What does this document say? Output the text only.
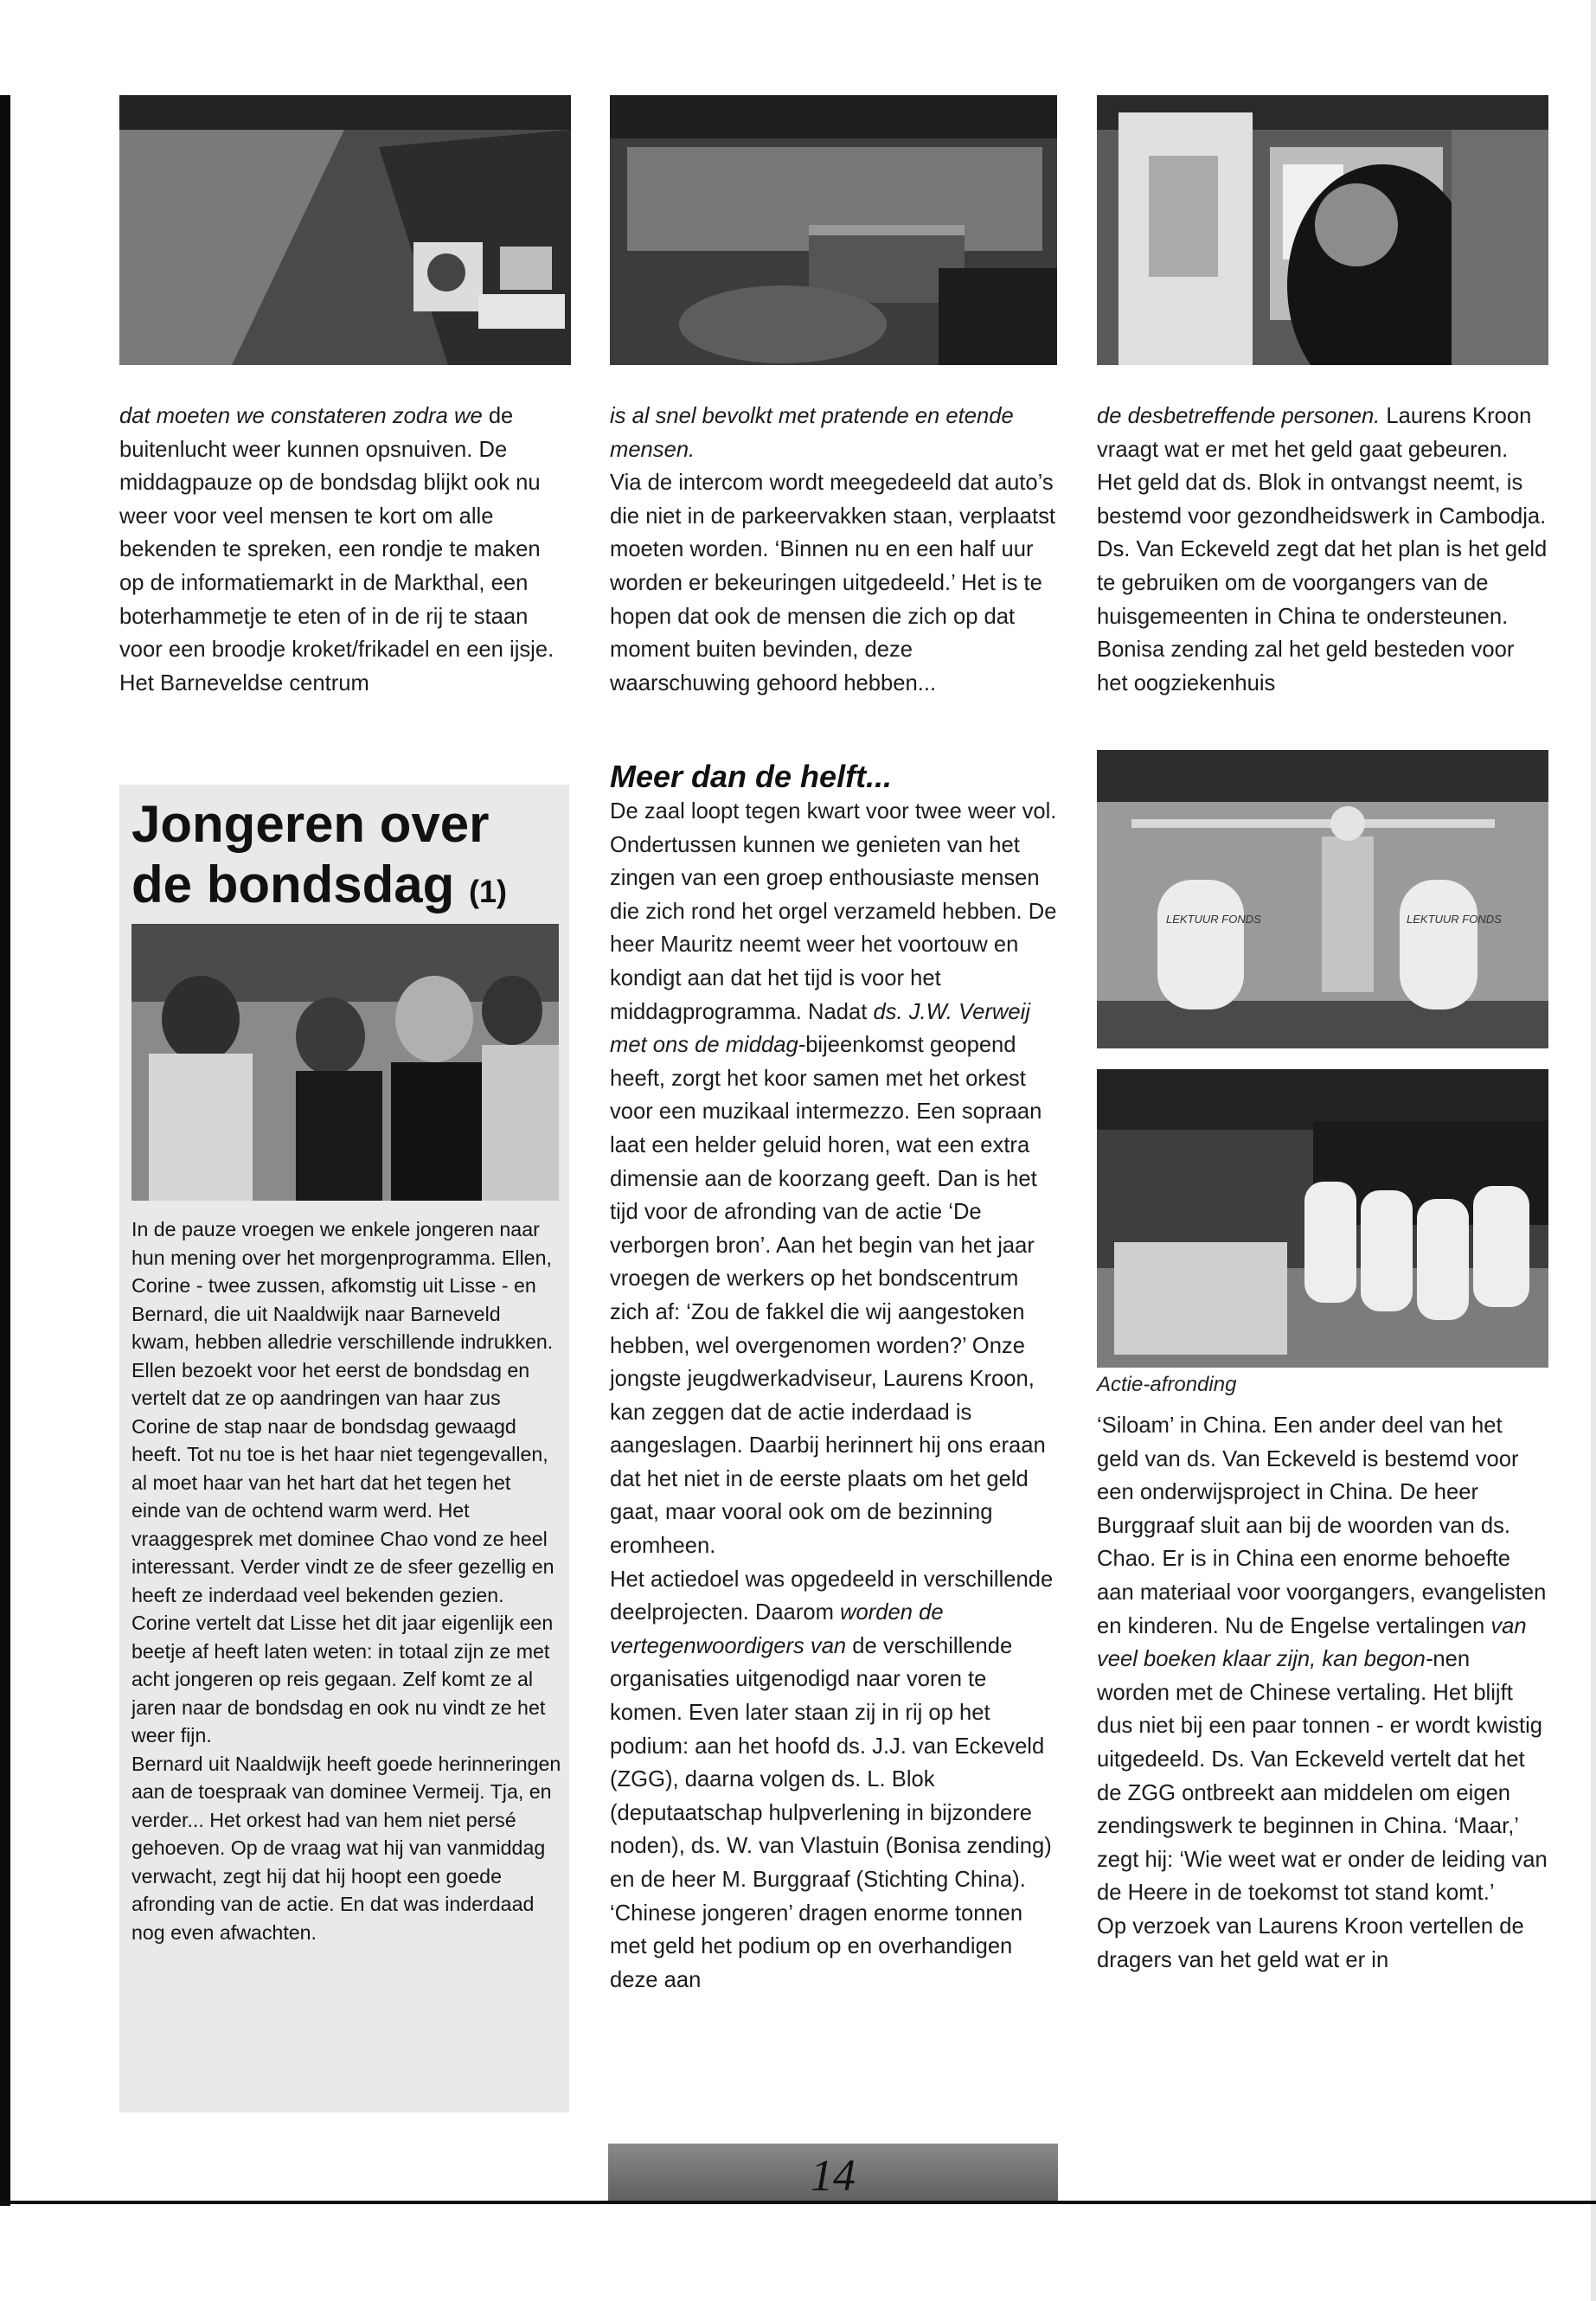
dat moeten we constateren zodra we de buitenlucht weer kunnen opsnuiven. De middagpauze op de bondsdag blijkt ook nu weer voor veel mensen te kort om alle bekenden te spreken, een rondje te maken op de informatiemarkt in de Markthal, een boterhammetje te eten of in de rij te staan voor een broodje kroket/frikadel en een ijsje. Het Barneveldse centrum

is al snel bevolkt met pratende en etende mensen.

Via de intercom wordt meegedeeld dat auto’s die niet in de parkeervakken staan, verplaatst moeten worden. ‘Binnen nu en een half uur worden er bekeuringen uitgedeeld.’ Het is te hopen dat ook de mensen die zich op dat moment buiten bevinden, deze waarschuwing gehoord hebben...

de desbetreffende personen. Laurens Kroon vraagt wat er met het geld gaat gebeuren. Het geld dat ds. Blok in ontvangst neemt, is bestemd voor gezondheidswerk in Cambodja. Ds. Van Eckeveld zegt dat het plan is het geld te gebruiken om de voorgangers van de huisgemeenten in China te ondersteunen. Bonisa zending zal het geld besteden voor het oogziekenhuis

Jongeren over
de bondsdag (1)

In de pauze vroegen we enkele jongeren naar hun mening over het morgenprogramma. Ellen, Corine - twee zussen, afkomstig uit Lisse - en Bernard, die uit Naaldwijk naar Barneveld kwam, hebben alledrie verschillende indrukken. Ellen bezoekt voor het eerst de bondsdag en vertelt dat ze op aandringen van haar zus Corine de stap naar de bondsdag gewaagd heeft. Tot nu toe is het haar niet tegengevallen, al moet haar van het hart dat het tegen het einde van de ochtend warm werd. Het vraaggesprek met dominee Chao vond ze heel interessant. Verder vindt ze de sfeer gezellig en heeft ze inderdaad veel bekenden gezien. Corine vertelt dat Lisse het dit jaar eigenlijk een beetje af heeft laten weten: in totaal zijn ze met acht jongeren op reis gegaan. Zelf komt ze al jaren naar de bondsdag en ook nu vindt ze het weer fijn.

Bernard uit Naaldwijk heeft goede herinneringen aan de toespraak van dominee Vermeij. Tja, en verder... Het orkest had van hem niet persé gehoeven. Op de vraag wat hij van vanmiddag verwacht, zegt hij dat hij hoopt een goede afronding van de actie. En dat was inderdaad nog even afwachten.

Meer dan de helft...

De zaal loopt tegen kwart voor twee weer vol. Ondertussen kunnen we genieten van het zingen van een groep enthousiaste mensen die zich rond het orgel verzameld hebben. De heer Mauritz neemt weer het voortouw en kondigt aan dat het tijd is voor het middagprogramma. Nadat ds. J.W. Verweij met ons de middag-bijeenkomst geopend heeft, zorgt het koor samen met het orkest voor een muzikaal intermezzo. Een sopraan laat een helder geluid horen, wat een extra dimensie aan de koorzang geeft. Dan is het tijd voor de afronding van de actie ‘De verborgen bron’. Aan het begin van het jaar vroegen de werkers op het bondscentrum zich af: ‘Zou de fakkel die wij aangestoken hebben, wel overgenomen worden?’ Onze jongste jeugdwerkadviseur, Laurens Kroon, kan zeggen dat de actie inderdaad is aangeslagen. Daarbij herinnert hij ons eraan dat het niet in de eerste plaats om het geld gaat, maar vooral ook om de bezinning eromheen.

Het actiedoel was opgedeeld in verschillende deelprojecten. Daarom worden de vertegenwoordigers van de verschillende organisaties uitgenodigd naar voren te komen. Even later staan zij in rij op het podium: aan het hoofd ds. J.J. van Eckeveld (ZGG), daarna volgen ds. L. Blok (deputaatschap hulpverlening in bijzondere noden), ds. W. van Vlastuin (Bonisa zending) en de heer M. Burggraaf (Stichting China). ‘Chinese jongeren’ dragen enorme tonnen met geld het podium op en overhandigen deze aan

LEKTUUR FONDS	LEKTUUR FONDS
Actie-afronding

‘Siloam’ in China. Een ander deel van het geld van ds. Van Eckeveld is bestemd voor een onderwijsproject in China. De heer Burggraaf sluit aan bij de woorden van ds. Chao. Er is in China een enorme behoefte aan materiaal voor voorgangers, evangelisten en kinderen. Nu de Engelse vertalingen van veel boeken klaar zijn, kan begon-nen worden met de Chinese vertaling. Het blijft dus niet bij een paar tonnen - er wordt kwistig uitgedeeld. Ds. Van Eckeveld vertelt dat het de ZGG ontbreekt aan middelen om eigen zendingswerk te beginnen in China. ‘Maar,’ zegt hij: ‘Wie weet wat er onder de leiding van de Heere in de toekomst tot stand komt.’

Op verzoek van Laurens Kroon vertellen de dragers van het geld wat er in

14
